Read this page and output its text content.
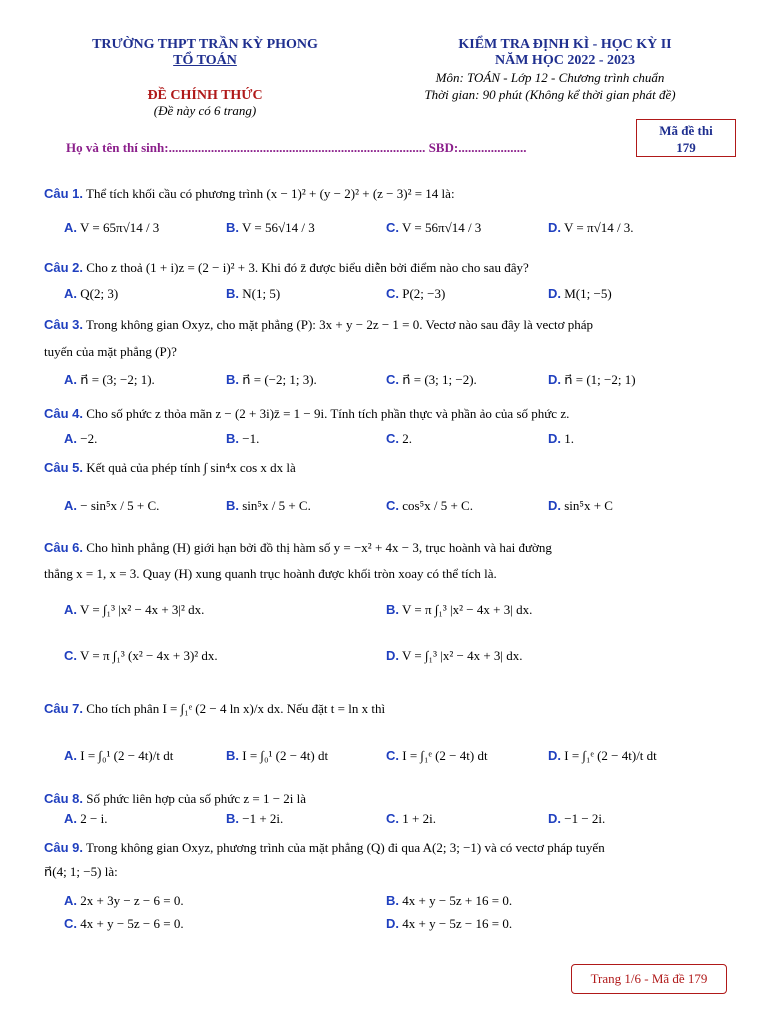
TRƯỜNG THPT TRẦN KỲ PHONG
TỔ TOÁN
ĐỀ CHÍNH THỨC
(Đề này có 6 trang)
KIỂM TRA ĐỊNH KÌ - HỌC KỲ II
NĂM HỌC 2022 - 2023
Môn: TOÁN - Lớp 12 - Chương trình chuẩn
Thời gian: 90 phút (Không kể thời gian phát đề)
Họ và tên thí sinh:............................................................................... SBD:.....................
Mã đề thi
179
Câu 1. Thể tích khối cầu có phương trình (x − 1)² + (y − 2)² + (z − 3)² = 14 là:
A. V = 65π√14 / 3	B. V = 56√14 / 3	C. V = 56π√14 / 3	D. V = π√14 / 3.
Câu 2. Cho z thoả (1 + i)z = (2 − i)² + 3. Khi đó z̄ được biểu diễn bởi điểm nào cho sau đây?
A. Q(2; 3)	B. N(1; 5)	C. P(2; −3)	D. M(1; −5)
Câu 3. Trong không gian Oxyz, cho mặt phẳng (P): 3x + y − 2z − 1 = 0. Vectơ nào sau đây là vectơ pháp
tuyến của mặt phẳng (P)?
A. n⃗ = (3; −2; 1).	B. n⃗ = (−2; 1; 3).	C. n⃗ = (3; 1; −2).	D. n⃗ = (1; −2; 1)
Câu 4. Cho số phức z thỏa mãn z − (2 + 3i)z̄ = 1 − 9i. Tính tích phần thực và phần ảo của số phức z.
A. −2.	B. −1.	C. 2.	D. 1.
Câu 5. Kết quả của phép tính ∫ sin⁴x cos x dx là
A. − sin⁵x / 5 + C.	B. sin⁵x / 5 + C.	C. cos⁵x / 5 + C.	D. sin⁵x + C
Câu 6. Cho hình phẳng (H) giới hạn bởi đồ thị hàm số y = −x² + 4x − 3, trục hoành và hai đường
thẳng x = 1, x = 3. Quay (H) xung quanh trục hoành được khối tròn xoay có thể tích là.
A. V = ∫₁³ |x² − 4x + 3|² dx.	B. V = π ∫₁³ |x² − 4x + 3| dx.
C. V = π ∫₁³ (x² − 4x + 3)² dx.	D. V = ∫₁³ |x² − 4x + 3| dx.
Câu 7. Cho tích phân I = ∫₁ᵉ (2 − 4 ln x)/x dx. Nếu đặt t = ln x thì
A. I = ∫₀¹ (2 − 4t)/t dt	B. I = ∫₀¹ (2 − 4t) dt	C. I = ∫₁ᵉ (2 − 4t) dt	D. I = ∫₁ᵉ (2 − 4t)/t dt
Câu 8. Số phức liên hợp của số phức z = 1 − 2i là
A. 2 − i.	B. −1 + 2i.	C. 1 + 2i.	D. −1 − 2i.
Câu 9. Trong không gian Oxyz, phương trình của mặt phẳng (Q) đi qua A(2; 3; −1) và có vectơ pháp tuyến
n⃗(4; 1; −5) là:
A. 2x + 3y − z − 6 = 0.	B. 4x + y − 5z + 16 = 0.
C. 4x + y − 5z − 6 = 0.	D. 4x + y − 5z − 16 = 0.
Trang 1/6 - Mã đề 179
